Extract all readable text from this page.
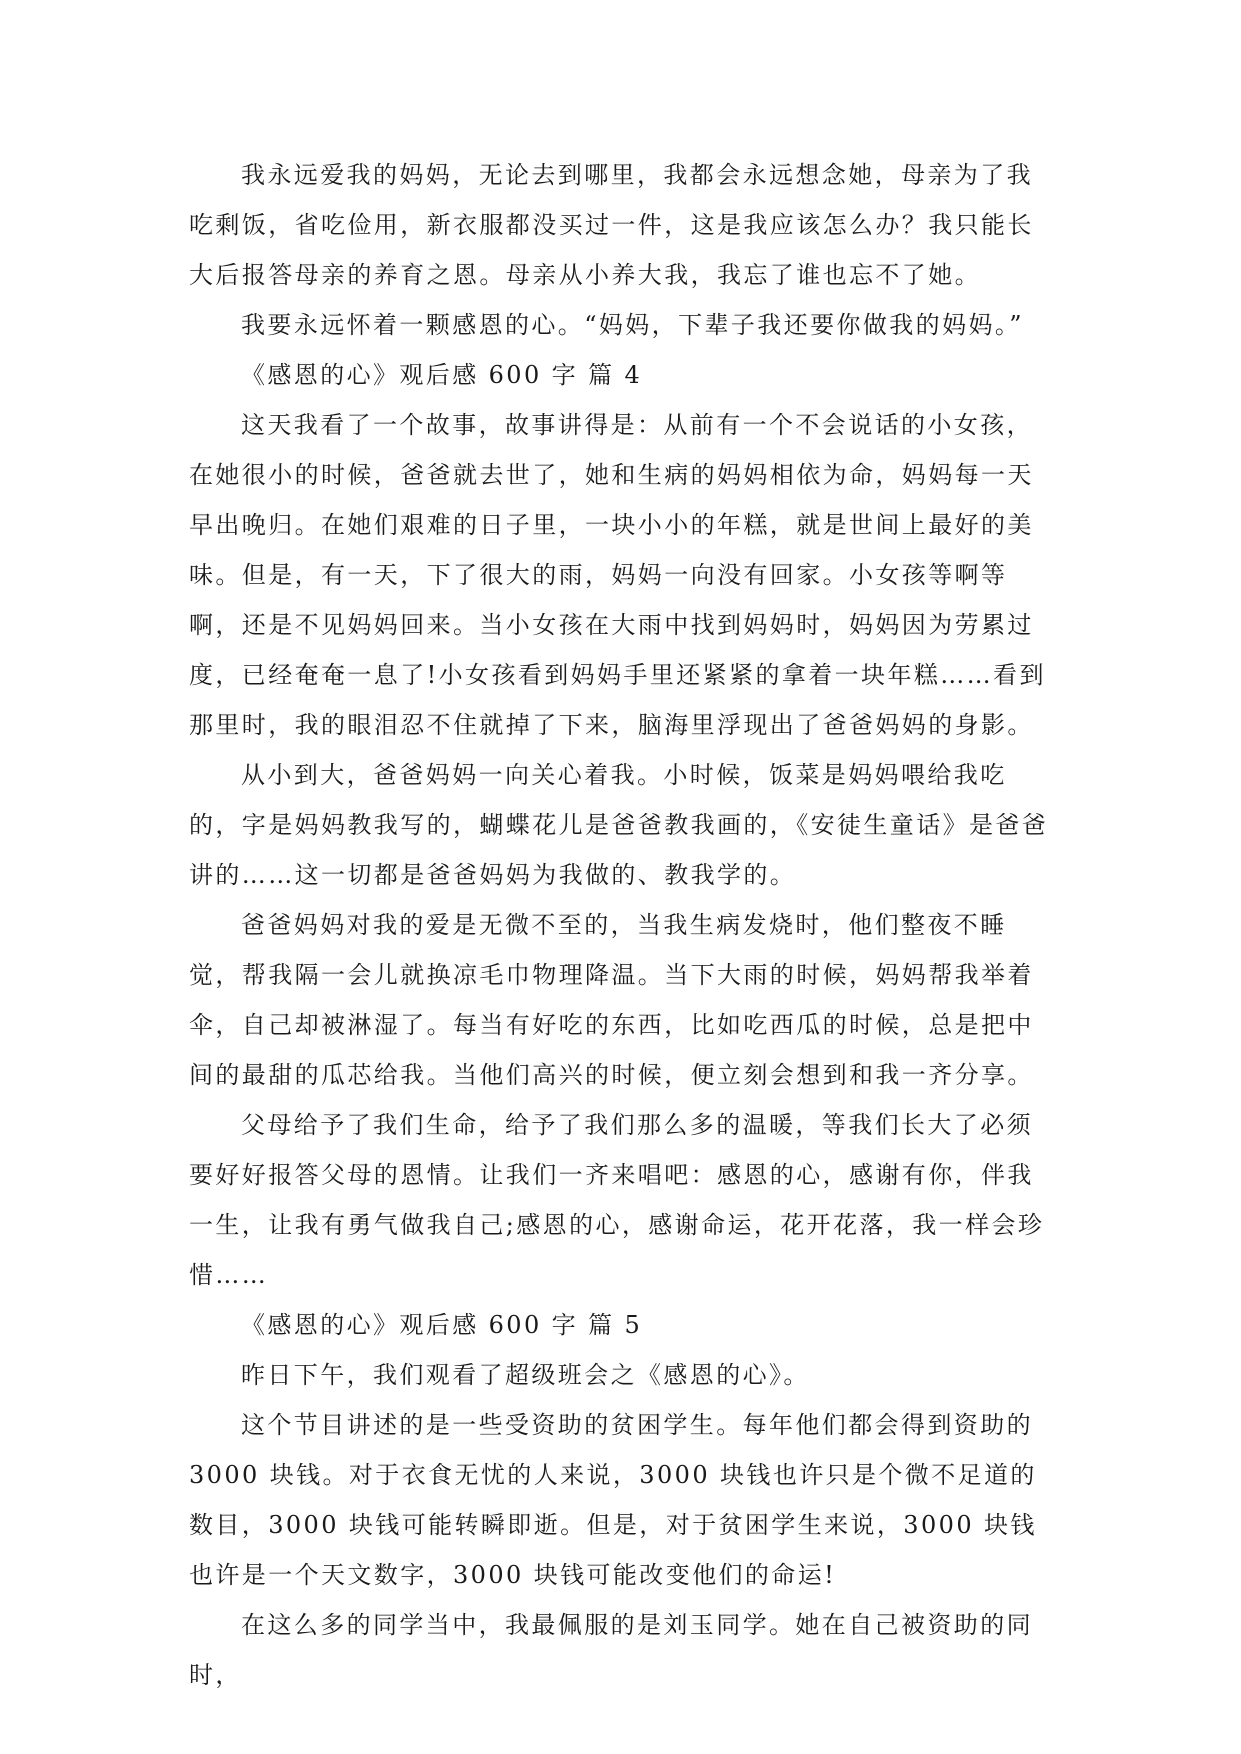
我永远爱我的妈妈，无论去到哪里，我都会永远想念她，母亲为了我吃剩饭，省吃俭用，新衣服都没买过一件，这是我应该怎么办？我只能长大后报答母亲的养育之恩。母亲从小养大我，我忘了谁也忘不了她。

我要永远怀着一颗感恩的心。“妈妈，下辈子我还要你做我的妈妈。”

《感恩的心》观后感 600 字 篇 4

这天我看了一个故事，故事讲得是：从前有一个不会说话的小女孩，在她很小的时候，爸爸就去世了，她和生病的妈妈相依为命，妈妈每一天早出晚归。在她们艰难的日子里，一块小小的年糕，就是世间上最好的美味。但是，有一天，下了很大的雨，妈妈一向没有回家。小女孩等啊等啊，还是不见妈妈回来。当小女孩在大雨中找到妈妈时，妈妈因为劳累过度，已经奄奄一息了!小女孩看到妈妈手里还紧紧的拿着一块年糕……看到那里时，我的眼泪忍不住就掉了下来，脑海里浮现出了爸爸妈妈的身影。

从小到大，爸爸妈妈一向关心着我。小时候，饭菜是妈妈喂给我吃的，字是妈妈教我写的，蝴蝶花儿是爸爸教我画的，《安徒生童话》是爸爸讲的……这一切都是爸爸妈妈为我做的、教我学的。

爸爸妈妈对我的爱是无微不至的，当我生病发烧时，他们整夜不睡觉，帮我隔一会儿就换凉毛巾物理降温。当下大雨的时候，妈妈帮我举着伞，自己却被淋湿了。每当有好吃的东西，比如吃西瓜的时候，总是把中间的最甜的瓜芯给我。当他们高兴的时候，便立刻会想到和我一齐分享。

父母给予了我们生命，给予了我们那么多的温暖，等我们长大了必须要好好报答父母的恩情。让我们一齐来唱吧：感恩的心，感谢有你，伴我一生，让我有勇气做我自己;感恩的心，感谢命运，花开花落，我一样会珍惜……

《感恩的心》观后感 600 字 篇 5

昨日下午，我们观看了超级班会之《感恩的心》。

这个节目讲述的是一些受资助的贫困学生。每年他们都会得到资助的 3000 块钱。对于衣食无忧的人来说，3000 块钱也许只是个微不足道的数目，3000 块钱可能转瞬即逝。但是，对于贫困学生来说，3000 块钱也许是一个天文数字，3000 块钱可能改变他们的命运!

在这么多的同学当中，我最佩服的是刘玉同学。她在自己被资助的同时，
